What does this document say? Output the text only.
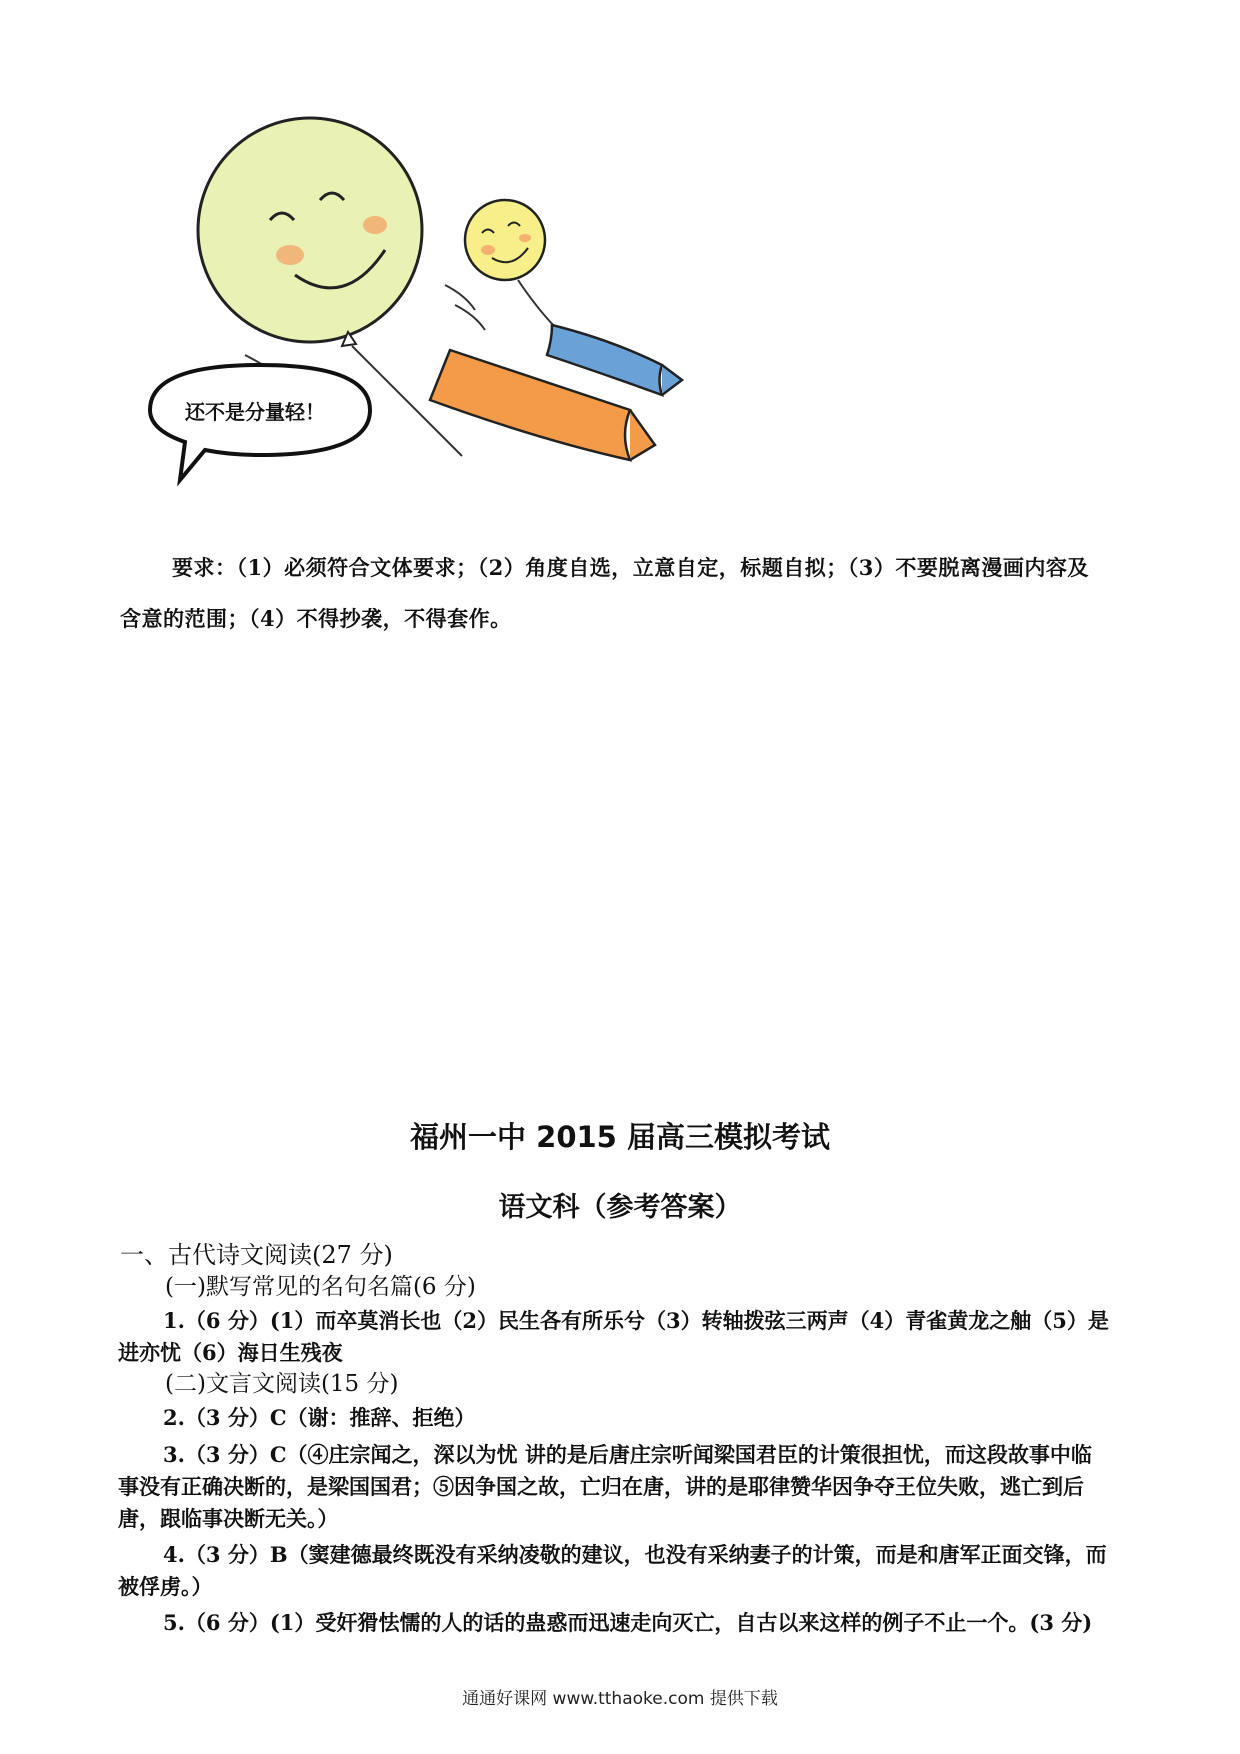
还不是分量轻！
要求：（1）必须符合文体要求；（2）角度自选，立意自定，标题自拟；（3）不要脱离漫画内容及
含意的范围；（4）不得抄袭，不得套作。
福州一中 2015 届高三模拟考试
语文科（参考答案）
一、古代诗文阅读(27 分)
(一)默写常见的名句名篇(6 分)
1.（6 分）(1）而卒莫消长也（2）民生各有所乐兮（3）转轴拨弦三两声（4）青雀黄龙之舳（5）是
进亦忧（6）海日生残夜
(二)文言文阅读(15 分)
2.（3 分）C（谢：推辞、拒绝）
3.（3 分）C（④庄宗闻之，深以为忧 讲的是后唐庄宗听闻梁国君臣的计策很担忧，而这段故事中临
事没有正确决断的，是梁国国君；⑤因争国之故，亡归在唐，讲的是耶律赞华因争夺王位失败，逃亡到后
唐，跟临事决断无关。）
4.（3 分）B（窦建德最终既没有采纳凌敬的建议，也没有采纳妻子的计策，而是和唐军正面交锋，而
被俘虏。）
5.（6 分）(1）受奸猾怯懦的人的话的蛊惑而迅速走向灭亡，自古以来这样的例子不止一个。(3 分)
通通好课网 www.tthaoke.com 提供下载
